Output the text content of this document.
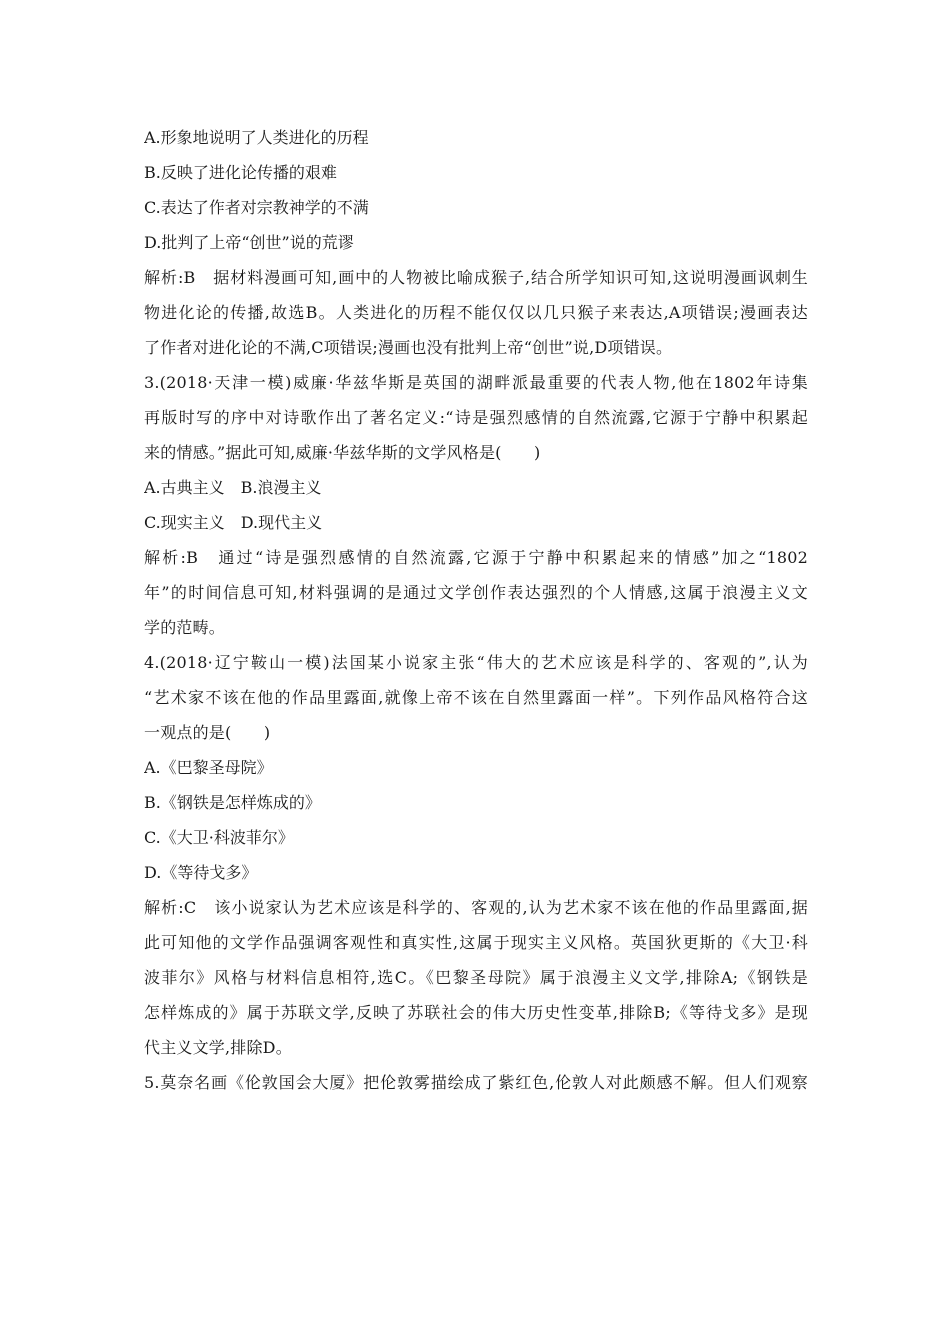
A.形象地说明了人类进化的历程
B.反映了进化论传播的艰难
C.表达了作者对宗教神学的不满
D.批判了上帝“创世”说的荒谬
解析:B　据材料漫画可知,画中的人物被比喻成猴子,结合所学知识可知,这说明漫画讽刺生
物进化论的传播,故选B。人类进化的历程不能仅仅以几只猴子来表达,A项错误;漫画表达
了作者对进化论的不满,C项错误;漫画也没有批判上帝“创世”说,D项错误。
3.(2018·天津一模)威廉·华兹华斯是英国的湖畔派最重要的代表人物,他在1802年诗集
再版时写的序中对诗歌作出了著名定义:“诗是强烈感情的自然流露,它源于宁静中积累起
来的情感。”据此可知,威廉·华兹华斯的文学风格是(　　)
A.古典主义　B.浪漫主义
C.现实主义　D.现代主义
解析:B　通过“诗是强烈感情的自然流露,它源于宁静中积累起来的情感”加之“1802
年”的时间信息可知,材料强调的是通过文学创作表达强烈的个人情感,这属于浪漫主义文
学的范畴。
4.(2018·辽宁鞍山一模)法国某小说家主张“伟大的艺术应该是科学的、客观的”,认为
“艺术家不该在他的作品里露面,就像上帝不该在自然里露面一样”。下列作品风格符合这
一观点的是(　　)
A.《巴黎圣母院》
B.《钢铁是怎样炼成的》
C.《大卫·科波菲尔》
D.《等待戈多》
解析:C　该小说家认为艺术应该是科学的、客观的,认为艺术家不该在他的作品里露面,据
此可知他的文学作品强调客观性和真实性,这属于现实主义风格。英国狄更斯的《大卫·科
波菲尔》风格与材料信息相符,选C。《巴黎圣母院》属于浪漫主义文学,排除A;《钢铁是
怎样炼成的》属于苏联文学,反映了苏联社会的伟大历史性变革,排除B;《等待戈多》是现
代主义文学,排除D。
5.莫奈名画《伦敦国会大厦》把伦敦雾描绘成了紫红色,伦敦人对此颇感不解。但人们观察
